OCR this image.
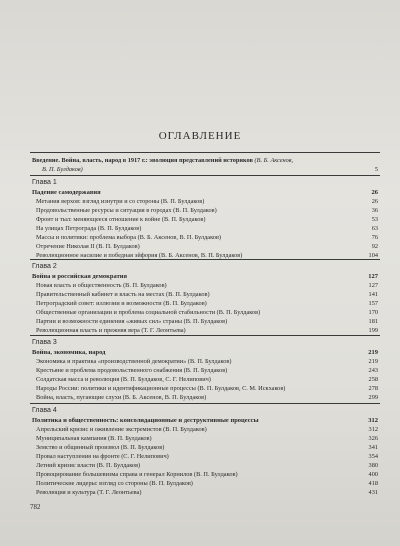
ОГЛАВЛЕНИЕ
Введение. Война, власть, народ в 1917 г.: эволюция представлений историков (В. Б. Аксенов,
В. П. Булдаков)	5
Глава 1
Падение самодержавия	26
Метания верхов: взгляд изнутри и со стороны (В. П. Булдаков)	26
Продовольственные ресурсы и ситуация в городах (В. П. Булдаков)	36
Фронт и тыл: меняющееся отношение к войне (В. П. Булдаков)	53
На улицах Петрограда (В. П. Булдаков)	63
Массы и политики: проблема выбора (В. Б. Аксенов, В. П. Булдаков)	76
Отречение Николая II (В. П. Булдаков)	92
Революционное насилие и победная эйфория (В. Б. Аксенов, В. П. Булдаков)	104
Глава 2
Война и российская демократия	127
Новая власть и общественность (В. П. Булдаков)	127
Правительственный кабинет и власть на местах (В. П. Булдаков)	141
Петроградский совет: иллюзии и возможности (В. П. Булдаков)	157
Общественные организации и проблема социальной стабильности (В. П. Булдаков)	170
Партии и возможности единения «живых сил» страны (В. П. Булдаков)	181
Революционная власть и прежняя вера (Т. Г. Леонтьева)	199
Глава 3
Война, экономика, народ	219
Экономика и практика «производственной демократии» (В. П. Булдаков)	219
Крестьяне и проблема продовольственного снабжения (В. П. Булдаков)	243
Солдатская масса и революция (В. П. Булдаков, С. Г. Нелипович)	258
Народы России: политики и идентификационные процессы (В. П. Булдаков, С. М. Искхаков)	278
Война, власть, пугающие слухи (В. Б. Аксенов, В. П. Булдаков)	299
Глава 4
Политика и общественность: консолидационные и деструктивные процессы	312
Апрельский кризис и оживление экстремистов (В. П. Булдаков)	312
Муниципальная кампания (В. П. Булдаков)	326
Земство и общинный произвол (В. П. Булдаков)	341
Провал наступления на фронте (С. Г. Нелипович)	354
Летний кризис власти (В. П. Булдаков)	380
Провоцирование большевизма справа и генерал Корнилов (В. П. Булдаков)	400
Политические лидеры: взгляд со стороны (В. П. Булдаков)	418
Революция и культура (Т. Г. Леонтьева)	431
782
